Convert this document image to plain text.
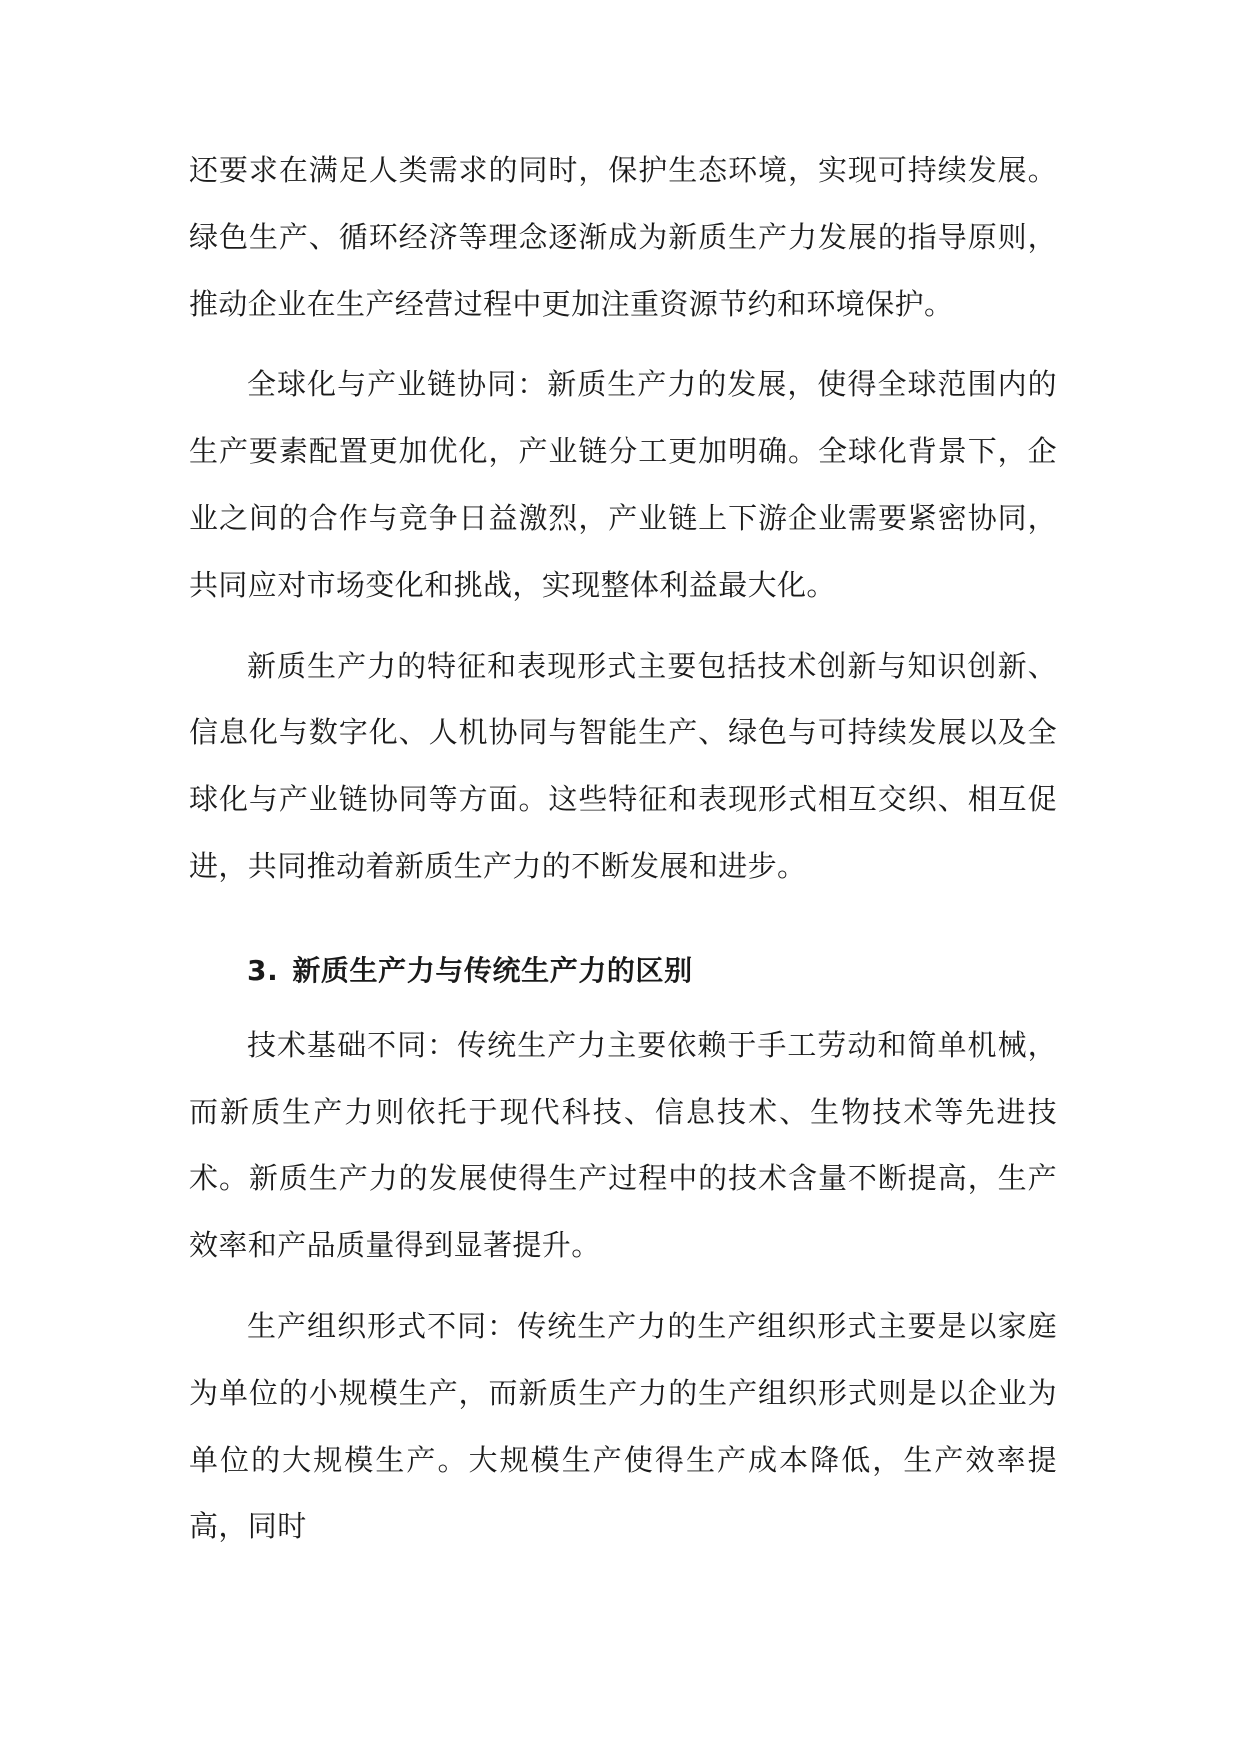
还要求在满足人类需求的同时，保护生态环境，实现可持续发展。绿色生产、循环经济等理念逐渐成为新质生产力发展的指导原则，推动企业在生产经营过程中更加注重资源节约和环境保护。

全球化与产业链协同：新质生产力的发展，使得全球范围内的生产要素配置更加优化，产业链分工更加明确。全球化背景下，企业之间的合作与竞争日益激烈，产业链上下游企业需要紧密协同，共同应对市场变化和挑战，实现整体利益最大化。

新质生产力的特征和表现形式主要包括技术创新与知识创新、信息化与数字化、人机协同与智能生产、绿色与可持续发展以及全球化与产业链协同等方面。这些特征和表现形式相互交织、相互促进，共同推动着新质生产力的不断发展和进步。

3. 新质生产力与传统生产力的区别

技术基础不同：传统生产力主要依赖于手工劳动和简单机械，而新质生产力则依托于现代科技、信息技术、生物技术等先进技术。新质生产力的发展使得生产过程中的技术含量不断提高，生产效率和产品质量得到显著提升。

生产组织形式不同：传统生产力的生产组织形式主要是以家庭为单位的小规模生产，而新质生产力的生产组织形式则是以企业为单位的大规模生产。大规模生产使得生产成本降低，生产效率提高，同时
